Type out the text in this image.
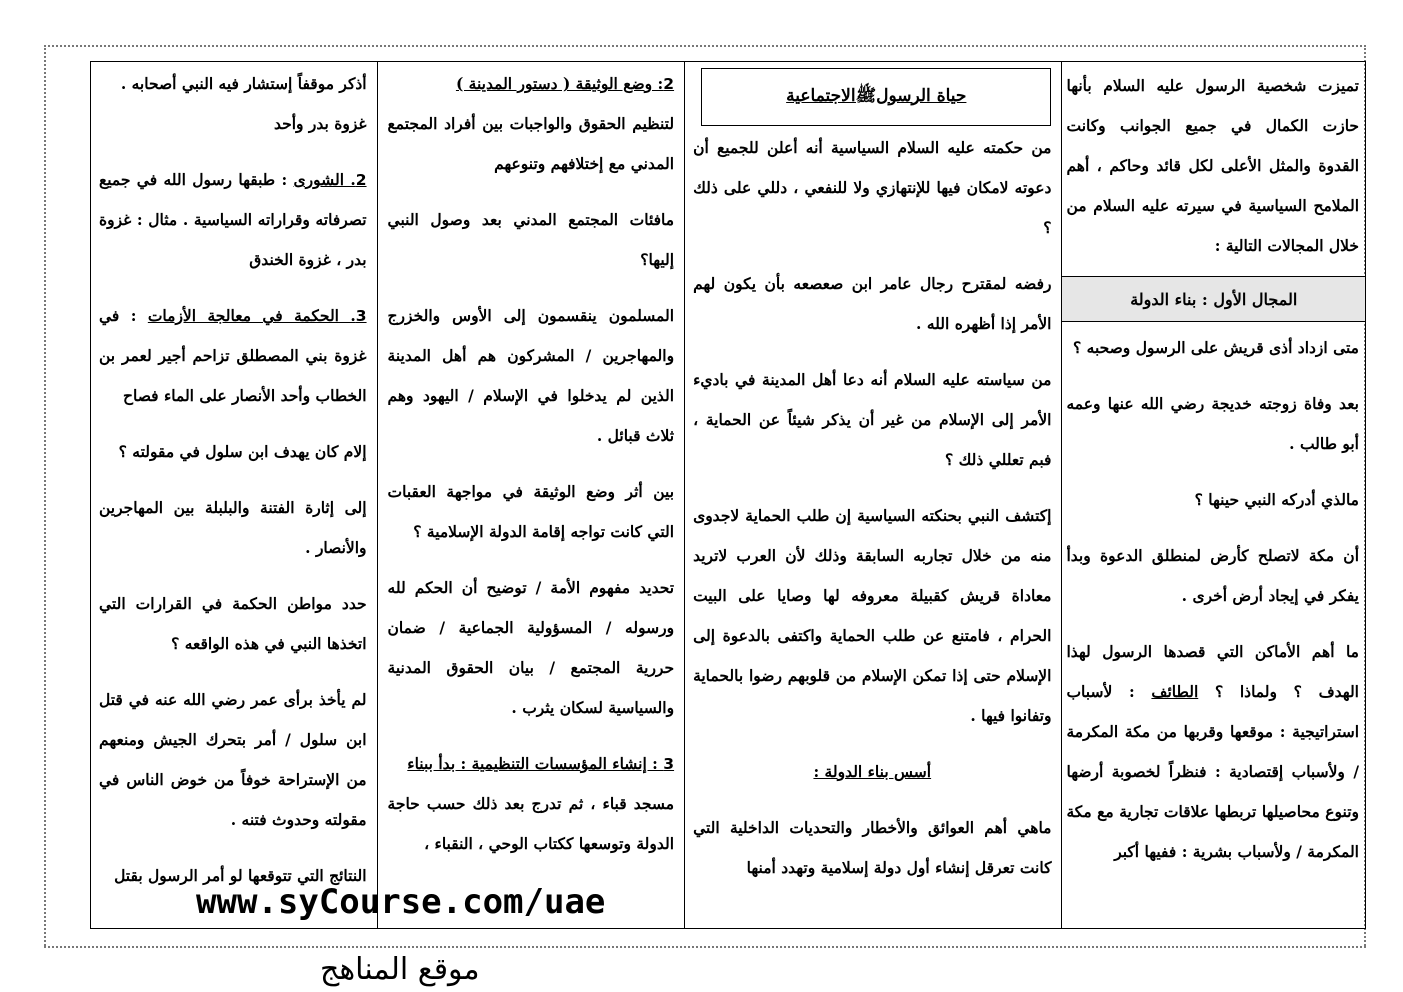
تميزت شخصية الرسول عليه السلام بأنها حازت الكمال في جميع الجوانب وكانت القدوة والمثل الأعلى لكل قائد وحاكم ، أهم الملامح السياسية في سيرته عليه السلام من خلال المجالات التالية :

المجال الأول : بناء الدولة

متى ازداد أذى قريش على الرسول وصحبه ؟

بعد وفاة زوجته خديجة رضي الله عنها وعمه أبو طالب .

مالذي أدركه النبي حينها ؟

أن مكة لاتصلح كأرض لمنطلق الدعوة وبدأ يفكر في إيجاد أرض أخرى .

ما أهم الأماكن التي قصدها الرسول لهذا الهدف ؟ ولماذا ؟ الطائف : لأسباب استراتيجية : موقعها وقربها من مكة المكرمة / ولأسباب إقتصادية : فنظراً لخصوبة أرضها وتنوع محاصيلها تربطها علاقات تجارية مع مكة المكرمة / ولأسباب بشرية : ففيها أكبر

حياة الرسولﷺالاجتماعية

من حكمته عليه السلام السياسية أنه أعلن للجميع أن دعوته لامكان فيها للإنتهازي ولا للنفعي ، دللي على ذلك ؟

رفضه لمقترح رجال عامر ابن صعصعه بأن يكون لهم الأمر إذا أظهره الله .

من سياسته عليه السلام أنه دعا أهل المدينة في باديء الأمر إلى الإسلام من غير أن يذكر شيئاً عن الحماية ، فبم تعللي ذلك ؟

إكتشف النبي بحنكته السياسية إن طلب الحماية لاجدوى منه من خلال تجاربه السابقة وذلك لأن العرب لاتريد معاداة قريش كقبيلة معروفه لها وصايا على البيت الحرام ، فامتنع عن طلب الحماية واكتفى بالدعوة إلى الإسلام حتى إذا تمكن الإسلام من قلوبهم رضوا بالحماية وتفانوا فيها .

أسس بناء الدولة :

ماهي أهم العوائق والأخطار والتحديات الداخلية التي كانت تعرقل إنشاء أول دولة إسلامية وتهدد أمنها

2: وضع الوثيقة ( دستور المدينة )

لتنظيم الحقوق والواجبات بين أفراد المجتمع المدني مع إختلافهم وتنوعهم

مافئات المجتمع المدني بعد وصول النبي إليها؟

المسلمون ينقسمون إلى الأوس والخزرج والمهاجرين / المشركون هم أهل المدينة الذين لم يدخلوا في الإسلام / اليهود وهم ثلاث قبائل .

بين أثر وضع الوثيقة في مواجهة العقبات التي كانت تواجه إقامة الدولة الإسلامية ؟

تحديد مفهوم الأمة / توضيح أن الحكم لله ورسوله / المسؤولية الجماعية / ضمان حررية المجتمع / بيان الحقوق المدنية والسياسية لسكان يثرب .

3 : إنشاء المؤسسات التنظيمية : بدأ ببناء

مسجد قباء ، ثم تدرج بعد ذلك حسب حاجة الدولة وتوسعها ككتاب الوحي ، النقباء ،

أذكر موقفاً إستشار فيه النبي أصحابه .

غزوة بدر وأحد

2. الشورى : طبقها رسول الله في جميع تصرفاته وقراراته السياسية . مثال : غزوة بدر ، غزوة الخندق

3. الحكمة في معالجة الأزمات : في غزوة بني المصطلق تزاحم أجير لعمر بن الخطاب وأحد الأنصار على الماء فصاح

إلام كان يهدف ابن سلول في مقولته ؟

إلى إثارة الفتنة والبلبلة بين المهاجرين والأنصار .

حدد مواطن الحكمة في القرارات التي اتخذها النبي في هذه الواقعه ؟

لم يأخذ برأى عمر رضي الله عنه في قتل ابن سلول / أمر بتحرك الجيش ومنعهم من الإستراحة خوفاً من خوض الناس في مقولته وحدوث فتنه .

النتائج التي تتوقعها لو أمر الرسول بقتل

www.syCourse.com/uae
موقع المناهج
